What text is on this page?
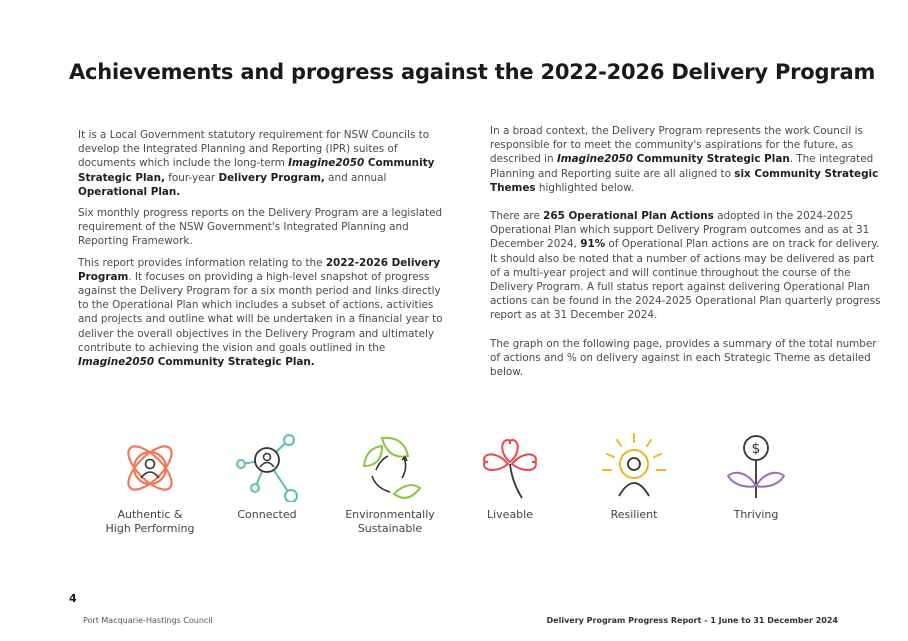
Achievements and progress against the 2022-2026 Delivery Program

It is a Local Government statutory requirement for NSW Councils to develop the Integrated Planning and Reporting (IPR) suites of documents which include the long-term Imagine2050 Community Strategic Plan, four-year Delivery Program, and annual Operational Plan.

Six monthly progress reports on the Delivery Program are a legislated requirement of the NSW Government's Integrated Planning and Reporting Framework.

This report provides information relating to the 2022-2026 Delivery Program. It focuses on providing a high-level snapshot of progress against the Delivery Program for a six month period and links directly to the Operational Plan which includes a subset of actions, activities and projects and outline what will be undertaken in a financial year to deliver the overall objectives in the Delivery Program and ultimately contribute to achieving the vision and goals outlined in the Imagine2050 Community Strategic Plan.

In a broad context, the Delivery Program represents the work Council is responsible for to meet the community's aspirations for the future, as described in Imagine2050 Community Strategic Plan. The integrated Planning and Reporting suite are all aligned to six Community Strategic Themes highlighted below.

There are 265 Operational Plan Actions adopted in the 2024-2025 Operational Plan which support Delivery Program outcomes and as at 31 December 2024, 91% of Operational Plan actions are on track for delivery. It should also be noted that a number of actions may be delivered as part of a multi-year project and will continue throughout the course of the Delivery Program. A full status report against delivering Operational Plan actions can be found in the 2024-2025 Operational Plan quarterly progress report as at 31 December 2024.

The graph on the following page, provides a summary of the total number of actions and % on delivery against in each Strategic Theme as detailed below.

Authentic &
High Performing
Connected	Environmentally
Sustainable
Liveable	Resilient
$
Thriving
4
Port Macquarie-Hastings Council	Delivery Program Progress Report - 1 June to 31 December 2024
